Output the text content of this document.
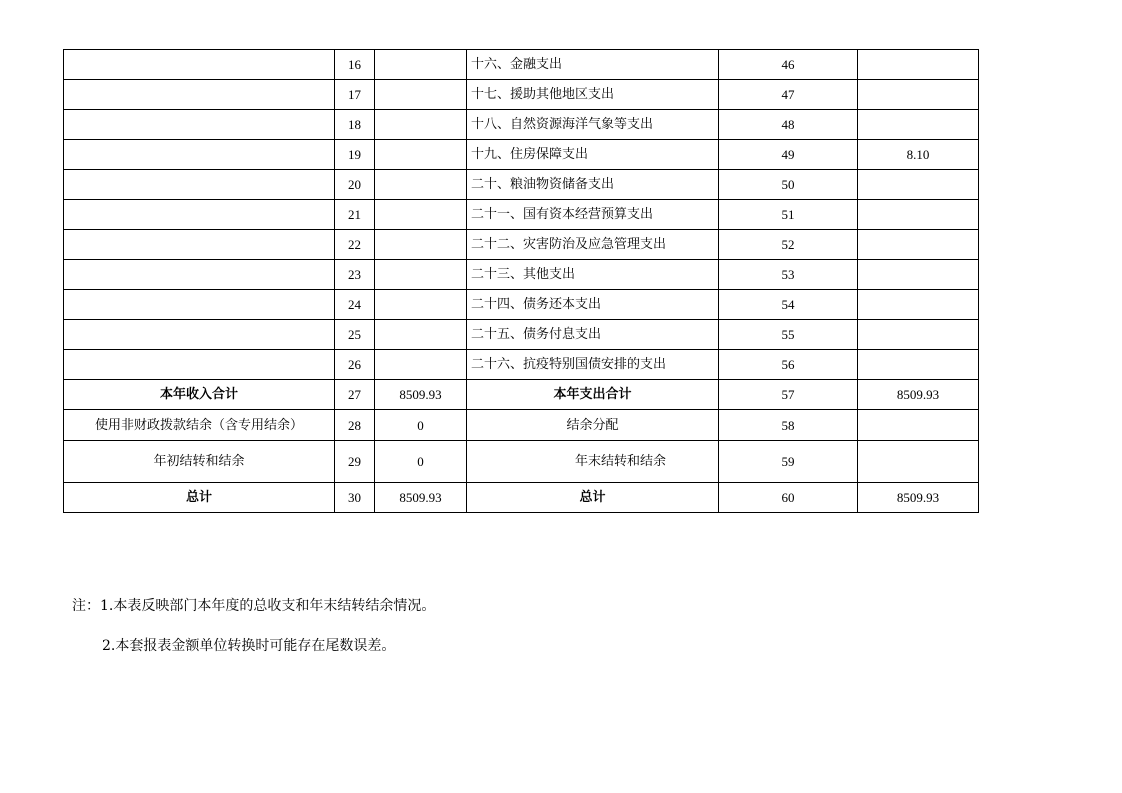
	16		十六、金融支出	46	
	17		十七、援助其他地区支出	47	
	18		十八、自然资源海洋气象等支出	48	
	19		十九、住房保障支出	49	8.10
	20		二十、粮油物资储备支出	50	
	21		二十一、国有资本经营预算支出	51	
	22		二十二、灾害防治及应急管理支出	52	
	23		二十三、其他支出	53	
	24		二十四、债务还本支出	54	
	25		二十五、债务付息支出	55	
	26		二十六、抗疫特别国债安排的支出	56	
本年收入合计	27	8509.93	本年支出合计	57	8509.93
使用非财政拨款结余（含专用结余）	28	0	结余分配	58	
年初结转和结余	29	0	年末结转和结余	59	
总计	30	8509.93	总计	60	8509.93
注：1.本表反映部门本年度的总收支和年末结转结余情况。
2.本套报表金额单位转换时可能存在尾数误差。
